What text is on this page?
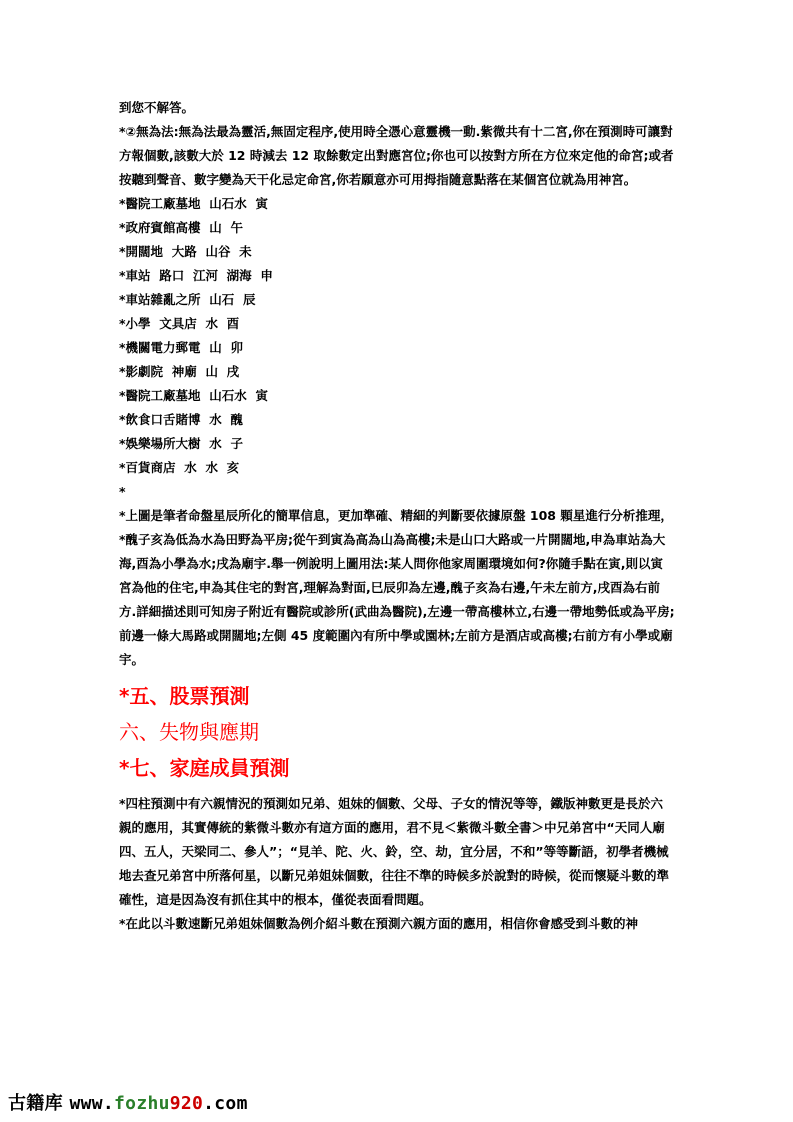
到您不解答。

*②無為法:無為法最為靈活,無固定程序,使用時全憑心意靈機一動.紫微共有十二宮,你在預測時可讓對方報個數,該數大於 12 時減去 12 取餘數定出對應宮位;你也可以按對方所在方位來定他的命宮;或者按聽到聲音、數字變為天干化忌定命宮,你若願意亦可用拇指隨意點落在某個宮位就為用神宮。

*醫院工廠墓地  山石水  寅

*政府賓館高樓  山  午

*開闊地  大路  山谷  未

*車站  路口  江河  湖海  申

*車站雜亂之所  山石  辰

*小學  文具店  水  酉

*機關電力郵電  山  卯

*影劇院  神廟  山  戌

*醫院工廠墓地  山石水  寅

*飲食口舌賭博  水  醜

*娛樂場所大樹  水  子

*百貨商店  水  水  亥

*

*上圖是筆者命盤星辰所化的簡單信息，更加準確、精細的判斷要依據原盤 108 顆星進行分析推理，

*醜子亥為低為水為田野為平房;從午到寅為高為山為高樓;未是山口大路或一片開闊地,申為車站為大海,酉為小學為水;戌為廟宇.舉一例說明上圖用法:某人問你他家周圍環境如何?你隨手點在寅,則以寅宮為他的住宅,申為其住宅的對宮,理解為對面,巳辰卯為左邊,醜子亥為右邊,午未左前方,戌酉為右前方.詳細描述則可知房子附近有醫院或診所(武曲為醫院),左邊一帶高樓林立,右邊一帶地勢低或為平房;前邊一條大馬路或開闊地;左側 45 度範圍內有所中學或園林;左前方是酒店或高樓;右前方有小學或廟宇。

*五、股票預測
六、失物與應期
*七、家庭成員預測

*四柱預測中有六親情況的預測如兄弟、姐妹的個數、父母、子女的情況等等，鐵版神數更是長於六親的應用，其實傳統的紫微斗數亦有這方面的應用，君不見＜紫微斗數全書＞中兄弟宮中“天同人廟四、五人，天梁同二、參人”；“見羊、陀、火、鈴，空、劫，宜分居，不和”等等斷語，初學者機械地去查兄弟宮中所落何星，以斷兄弟姐妹個數，往往不準的時候多於說對的時候，從而懷疑斗數的準確性，這是因為沒有抓住其中的根本，僅從表面看問題。

*在此以斗數速斷兄弟姐妹個數為例介紹斗數在預測六親方面的應用，相信你會感受到斗數的神

古籍库 www.fozhu920.com
